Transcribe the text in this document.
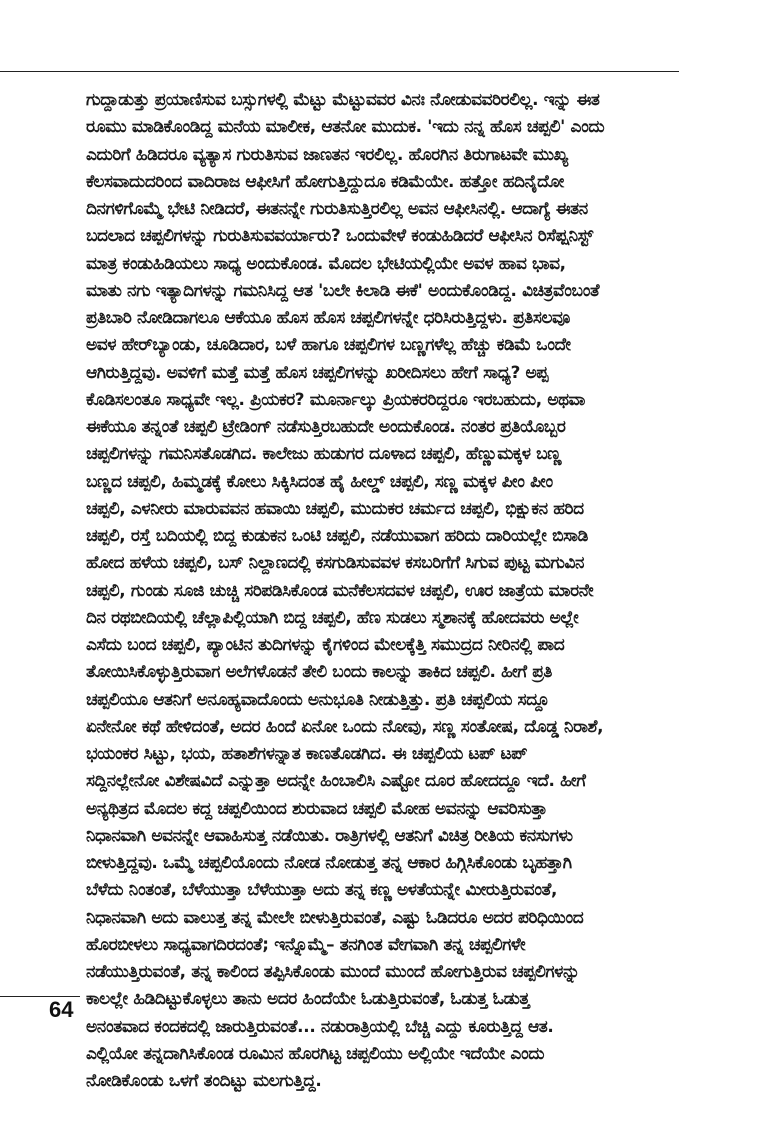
ಗುದ್ದಾಡುತ್ತು ಪ್ರಯಾಣಿಸುವ ಬಸ್ಸುಗಳಲ್ಲಿ ಮೆಟ್ಟು ಮೆಟ್ಟುವವರ ವಿನಃ ನೋಡುವವರಿರಲಿಲ್ಲ. ಇನ್ನು ಈತ
ರೂಮು ಮಾಡಿಕೊಂಡಿದ್ದ ಮನೆಯ ಮಾಲೀಕ, ಆತನೋ ಮುದುಕ. 'ಇದು ನನ್ನ ಹೊಸ ಚಪ್ಪಲಿ' ಎಂದು
ಎದುರಿಗೆ ಹಿಡಿದರೂ ವ್ಯತ್ಯಾಸ ಗುರುತಿಸುವ ಜಾಣತನ ಇರಲಿಲ್ಲ. ಹೊರಗಿನ ತಿರುಗಾಟವೇ ಮುಖ್ಯ
ಕೆಲಸವಾದುದರಿಂದ ವಾದಿರಾಜ ಆಫೀಸಿಗೆ ಹೋಗುತ್ತಿದ್ದುದೂ ಕಡಿಮೆಯೇ. ಹತ್ತೋ ಹದಿನೈದೋ
ದಿನಗಳಿಗೊಮ್ಮೆ ಭೇಟಿ ನೀಡಿದರೆ, ಈತನನ್ನೇ ಗುರುತಿಸುತ್ತಿರಲಿಲ್ಲ ಅವನ ಆಫೀಸಿನಲ್ಲಿ. ಆದಾಗ್ಯೆ ಈತನ
ಬದಲಾದ ಚಪ್ಪಲಿಗಳನ್ನು ಗುರುತಿಸುವವರ್ಯಾರು? ಒಂದುವೇಳೆ ಕಂಡುಹಿಡಿದರೆ ಆಫೀಸಿನ ರಿಸೆಪ್ಷನಿಸ್ಟ್
ಮಾತ್ರ ಕಂಡುಹಿಡಿಯಲು ಸಾಧ್ಯ ಅಂದುಕೊಂಡ. ಮೊದಲ ಭೇಟಿಯಲ್ಲಿಯೇ ಅವಳ ಹಾವ ಭಾವ,
ಮಾತು ನಗು ಇತ್ಯಾದಿಗಳನ್ನು ಗಮನಿಸಿದ್ದ ಆತ 'ಬಲೇ ಕಿಲಾಡಿ ಈಕೆ' ಅಂದುಕೊಂಡಿದ್ದ. ವಿಚಿತ್ರವೆಂಬಂತೆ
ಪ್ರತಿಬಾರಿ ನೋಡಿದಾಗಲೂ ಆಕೆಯೂ ಹೊಸ ಹೊಸ ಚಪ್ಪಲಿಗಳನ್ನೇ ಧರಿಸಿರುತ್ತಿದ್ದಳು. ಪ್ರತಿಸಲವೂ
ಅವಳ ಹೇರ್‌ಬ್ಯಾಂಡು, ಚೂಡಿದಾರ, ಬಳೆ ಹಾಗೂ ಚಪ್ಪಲಿಗಳ ಬಣ್ಣಗಳೆಲ್ಲ ಹೆಚ್ಚು ಕಡಿಮೆ ಒಂದೇ
ಆಗಿರುತ್ತಿದ್ದವು. ಅವಳಿಗೆ ಮತ್ತೆ ಮತ್ತೆ ಹೊಸ ಚಪ್ಪಲಿಗಳನ್ನು ಖರೀದಿಸಲು ಹೇಗೆ ಸಾಧ್ಯ? ಅಪ್ಪ
ಕೊಡಿಸಲಂತೂ ಸಾಧ್ಯವೇ ಇಲ್ಲ. ಪ್ರಿಯಕರ? ಮೂರ್ನಾಲ್ಕು ಪ್ರಿಯಕರರಿದ್ದರೂ ಇರಬಹುದು, ಅಥವಾ
ಈಕೆಯೂ ತನ್ನಂತೆ ಚಪ್ಪಲಿ ಟ್ರೇಡಿಂಗ್ ನಡೆಸುತ್ತಿರಬಹುದೇ ಅಂದುಕೊಂಡ. ನಂತರ ಪ್ರತಿಯೊಬ್ಬರ
ಚಪ್ಪಲಿಗಳನ್ನು ಗಮನಿಸತೊಡಗಿದ. ಕಾಲೇಜು ಹುಡುಗರ ದೂಳಾದ ಚಪ್ಪಲಿ, ಹೆಣ್ಣುಮಕ್ಕಳ ಬಣ್ಣ
ಬಣ್ಣದ ಚಪ್ಪಲಿ, ಹಿಮ್ಮಡಕ್ಕೆ ಕೋಲು ಸಿಕ್ಕಿಸಿದಂತ ಹೈ ಹೀಲ್ಡ್ ಚಪ್ಪಲಿ, ಸಣ್ಣ ಮಕ್ಕಳ ಪೀಂ ಪೀಂ
ಚಪ್ಪಲಿ, ಎಳನೀರು ಮಾರುವವನ ಹವಾಯಿ ಚಪ್ಪಲಿ, ಮುದುಕರ ಚರ್ಮದ ಚಪ್ಪಲಿ, ಭಿಕ್ಷುಕನ ಹರಿದ
ಚಪ್ಪಲಿ, ರಸ್ತೆ ಬದಿಯಲ್ಲಿ ಬಿದ್ದ ಕುಡುಕನ ಒಂಟಿ ಚಪ್ಪಲಿ, ನಡೆಯುವಾಗ ಹರಿದು ದಾರಿಯಲ್ಲೇ ಬಿಸಾಡಿ
ಹೋದ ಹಳೆಯ ಚಪ್ಪಲಿ, ಬಸ್ ನಿಲ್ದಾಣದಲ್ಲಿ ಕಸಗುಡಿಸುವವಳ ಕಸಬರಿಗೆಗೆ ಸಿಗುವ ಪುಟ್ಟ ಮಗುವಿನ
ಚಪ್ಪಲಿ, ಗುಂಡು ಸೂಜಿ ಚುಚ್ಚಿ ಸರಿಪಡಿಸಿಕೊಂಡ ಮನೆಕೆಲಸದವಳ ಚಪ್ಪಲಿ, ಊರ ಜಾತ್ರೆಯ ಮಾರನೇ
ದಿನ ರಥಬೀದಿಯಲ್ಲಿ ಚೆಲ್ಲಾಪಿಲ್ಲಿಯಾಗಿ ಬಿದ್ದ ಚಪ್ಪಲಿ, ಹೆಣ ಸುಡಲು ಸ್ಮಶಾನಕ್ಕೆ ಹೋದವರು ಅಲ್ಲೇ
ಎಸೆದು ಬಂದ ಚಪ್ಪಲಿ, ಪ್ಯಾಂಟಿನ ತುದಿಗಳನ್ನು ಕೈಗಳಿಂದ ಮೇಲಕ್ಕೆತ್ತಿ ಸಮುದ್ರದ ನೀರಿನಲ್ಲಿ ಪಾದ
ತೋಯಿಸಿಕೊಳ್ಳುತ್ತಿರುವಾಗ ಅಲೆಗಳೊಡನೆ ತೇಲಿ ಬಂದು ಕಾಲನ್ನು ತಾಕಿದ ಚಪ್ಪಲಿ. ಹೀಗೆ ಪ್ರತಿ
ಚಪ್ಪಲಿಯೂ ಆತನಿಗೆ ಅನೂಹ್ಯವಾದೊಂದು ಅನುಭೂತಿ ನೀಡುತ್ತಿತ್ತು. ಪ್ರತಿ ಚಪ್ಪಲಿಯ ಸದ್ದೂ
ಏನೇನೋ ಕಥೆ ಹೇಳಿದಂತೆ, ಅದರ ಹಿಂದೆ ಏನೋ ಒಂದು ನೋವು, ಸಣ್ಣ ಸಂತೋಷ, ದೊಡ್ಡ ನಿರಾಶೆ,
ಭಯಂಕರ ಸಿಟ್ಟು, ಭಯ, ಹತಾಶೆಗಳನ್ನಾತ ಕಾಣತೊಡಗಿದ. ಈ ಚಪ್ಪಲಿಯ ಟಪ್ ಟಪ್
ಸದ್ದಿನಲ್ಲೇನೋ ವಿಶೇಷವಿದೆ ಎನ್ನುತ್ತಾ ಅದನ್ನೇ ಹಿಂಬಾಲಿಸಿ ಎಷ್ಟೋ ದೂರ ಹೋದದ್ದೂ ಇದೆ. ಹೀಗೆ
ಅನ್ಯಥಿತ್ರದ ಮೊದಲ ಕದ್ದ ಚಪ್ಪಲಿಯಿಂದ ಶುರುವಾದ ಚಪ್ಪಲಿ ಮೋಹ ಅವನನ್ನು ಆವರಿಸುತ್ತಾ
ನಿಧಾನವಾಗಿ ಅವನನ್ನೇ ಆವಾಹಿಸುತ್ತ ನಡೆಯಿತು. ರಾತ್ರಿಗಳಲ್ಲಿ ಆತನಿಗೆ ವಿಚಿತ್ರ ರೀತಿಯ ಕನಸುಗಳು
ಬೀಳುತ್ತಿದ್ದವು. ಒಮ್ಮೆ ಚಪ್ಪಲಿಯೊಂದು ನೋಡ ನೋಡುತ್ತ ತನ್ನ ಆಕಾರ ಹಿಗ್ಗಿಸಿಕೊಂಡು ಬೃಹತ್ತಾಗಿ
ಬೆಳೆದು ನಿಂತಂತೆ, ಬೆಳೆಯುತ್ತಾ ಬೆಳೆಯುತ್ತಾ ಅದು ತನ್ನ ಕಣ್ಣ ಅಳತೆಯನ್ನೇ ಮೀರುತ್ತಿರುವಂತೆ,
ನಿಧಾನವಾಗಿ ಅದು ವಾಲುತ್ತ ತನ್ನ ಮೇಲೇ ಬೀಳುತ್ತಿರುವಂತೆ, ಎಷ್ಟು ಓಡಿದರೂ ಅದರ ಪರಿಧಿಯಿಂದ
ಹೊರಬೀಳಲು ಸಾಧ್ಯವಾಗದಿರದಂತೆ; ಇನ್ನೊಮ್ಮೆ– ತನಗಿಂತ ವೇಗವಾಗಿ ತನ್ನ ಚಪ್ಪಲಿಗಳೇ
ನಡೆಯುತ್ತಿರುವಂತೆ, ತನ್ನ ಕಾಲಿಂದ ತಪ್ಪಿಸಿಕೊಂಡು ಮುಂದೆ ಮುಂದೆ ಹೋಗುತ್ತಿರುವ ಚಪ್ಪಲಿಗಳನ್ನು
ಕಾಲಲ್ಲೇ ಹಿಡಿದಿಟ್ಟುಕೊಳ್ಳಲು ತಾನು ಅದರ ಹಿಂದೆಯೇ ಓಡುತ್ತಿರುವಂತೆ, ಓಡುತ್ತ ಓಡುತ್ತ
ಅನಂತವಾದ ಕಂದಕದಲ್ಲಿ ಜಾರುತ್ತಿರುವಂತೆ... ನಡುರಾತ್ರಿಯಲ್ಲಿ ಬೆಚ್ಚಿ ಎದ್ದು ಕೂರುತ್ತಿದ್ದ ಆತ.
ಎಲ್ಲಿಯೋ ತನ್ನದಾಗಿಸಿಕೊಂಡ ರೂಮಿನ ಹೊರಗಿಟ್ಟ ಚಪ್ಪಲಿಯು ಅಲ್ಲಿಯೇ ಇದೆಯೇ ಎಂದು
ನೋಡಿಕೊಂಡು ಒಳಗೆ ತಂದಿಟ್ಟು ಮಲಗುತ್ತಿದ್ದ.
64
